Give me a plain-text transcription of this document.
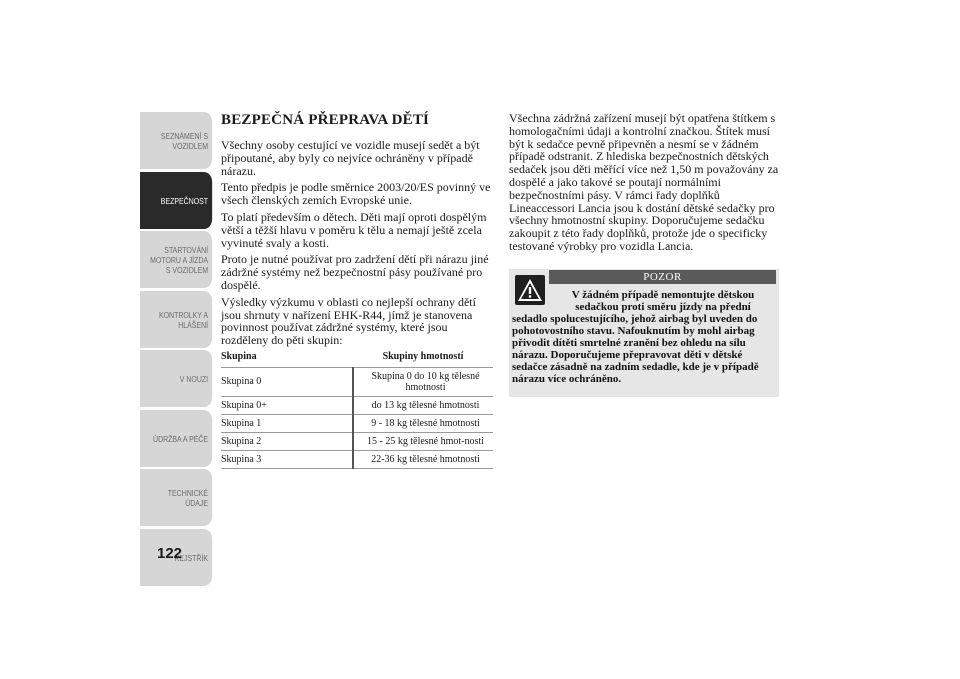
SEZNÁMENÍ S
VOZIDLEM
BEZPEČNOST
STARTOVÁNÍ
MOTORU A JÍZDA
S VOZIDLEM
KONTROLKY A
HLÁŠENÍ
V NOUZI
ÚDRŽBA A PÉČE
TECHNICKÉ
ÚDAJE
REJSTŘÍK
122
BEZPEČNÁ PŘEPRAVA DĚTÍ

Všechny osoby cestující ve vozidle musejí sedět a být připoutané, aby byly co nejvíce ochráněny v případě nárazu.

Tento předpis je podle směrnice 2003/20/ES povinný ve všech členských zemích Evropské unie.

To platí především o dětech. Děti mají oproti dospělým větší a těžší hlavu v poměru k tělu a nemají ještě zcela vyvinuté svaly a kosti.

Proto je nutné používat pro zadržení dětí při nárazu jiné zádržné systémy než bezpečnostní pásy používané pro dospělé.

Výsledky výzkumu v oblasti co nejlepší ochrany dětí jsou shrnuty v nařízení EHK-R44, jímž je stanovena povinnost používat zádržné systémy, které jsou rozděleny do pěti skupin:

Skupina	Skupiny hmotností
Skupina 0	Skupina 0 do 10 kg tělesné hmotnosti
Skupina 0+	do 13 kg tělesné hmotnosti
Skupina 1	9 - 18 kg tělesné hmotnosti
Skupina 2	15 - 25 kg tělesné hmot-nosti
Skupina 3	22-36 kg tělesné hmotnosti

Všechna zádržná zařízení musejí být opatřena štítkem s homologačními údaji a kontrolní značkou. Štítek musí být k sedačce pevně připevněn a nesmí se v žádném případě odstranit. Z hlediska bezpečnostních dětských sedaček jsou děti měřící více než 1,50 m považovány za dospělé a jako takové se poutají normálními bezpečnostními pásy. V rámci řady doplňků Lineaccessori Lancia jsou k dostání dětské sedačky pro všechny hmotnostní skupiny. Doporučujeme sedačku zakoupit z této řady doplňků, protože jde o specificky testované výrobky pro vozidla Lancia.

POZOR
V žádném případě nemontujte dětskou sedačkou proti směru jízdy na přední
sedadlo spolucestujícího, jehož airbag byl uveden do pohotovostního stavu. Nafouknutím by mohl airbag přivodit dítěti smrtelné zranění bez ohledu na sílu nárazu. Doporučujeme přepravovat děti v dětské sedačce zásadně na zadním sedadle, kde je v případě nárazu více ochráněno.
